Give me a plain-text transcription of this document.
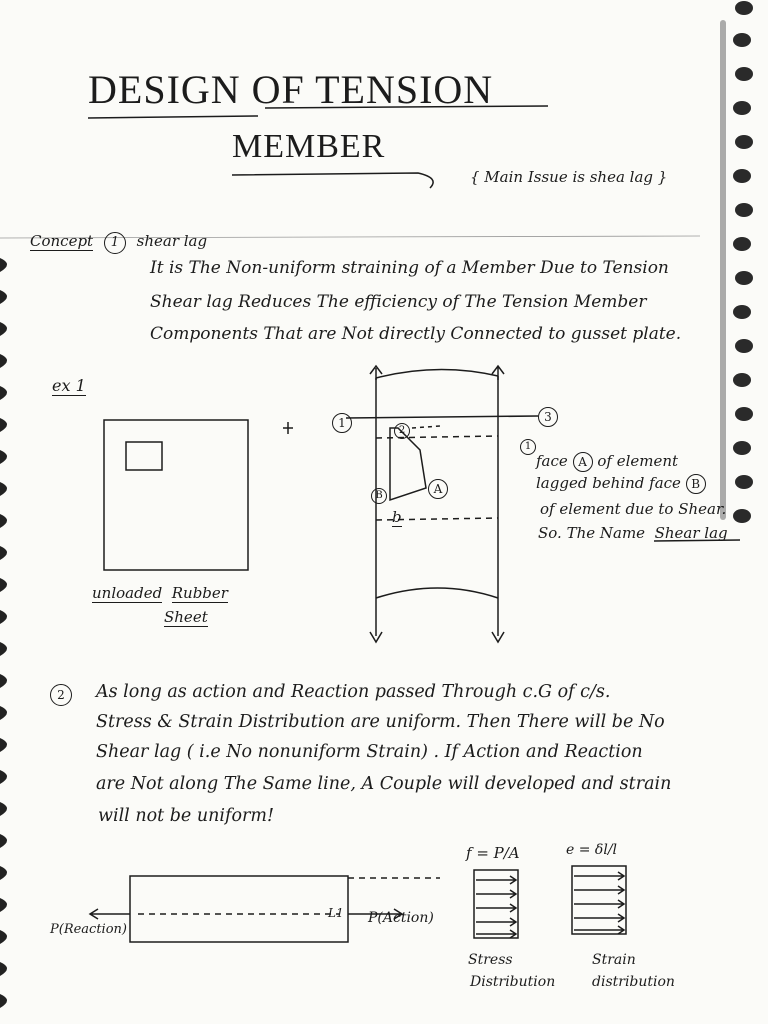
DESIGN OF TENSION
MEMBER
{ Main Issue is shea lag }
Concept 1 shear lag
It is The Non-uniform straining of a Member Due to Tension
Shear lag Reduces The efficiency of The Tension Member
Components That are Not directly Connected to gusset plate.
ex 1
unloaded Rubber
Sheet
1
2
3
B	A
b
1
face A of element
lagged behind face B
of element due to Shear.
So. The Name Shear lag
2	As long as action and Reaction passed Through c.G of c/s.
Stress & Strain Distribution are uniform. Then There will be No
Shear lag ( i.e No nonuniform Strain) . If Action and Reaction
are Not along The Same line, A Couple will developed and strain
will not be uniform!
P(Reaction)
P(Action)
L1
f = P/A	e = δl/l
Stress
Distribution
Strain
distribution
